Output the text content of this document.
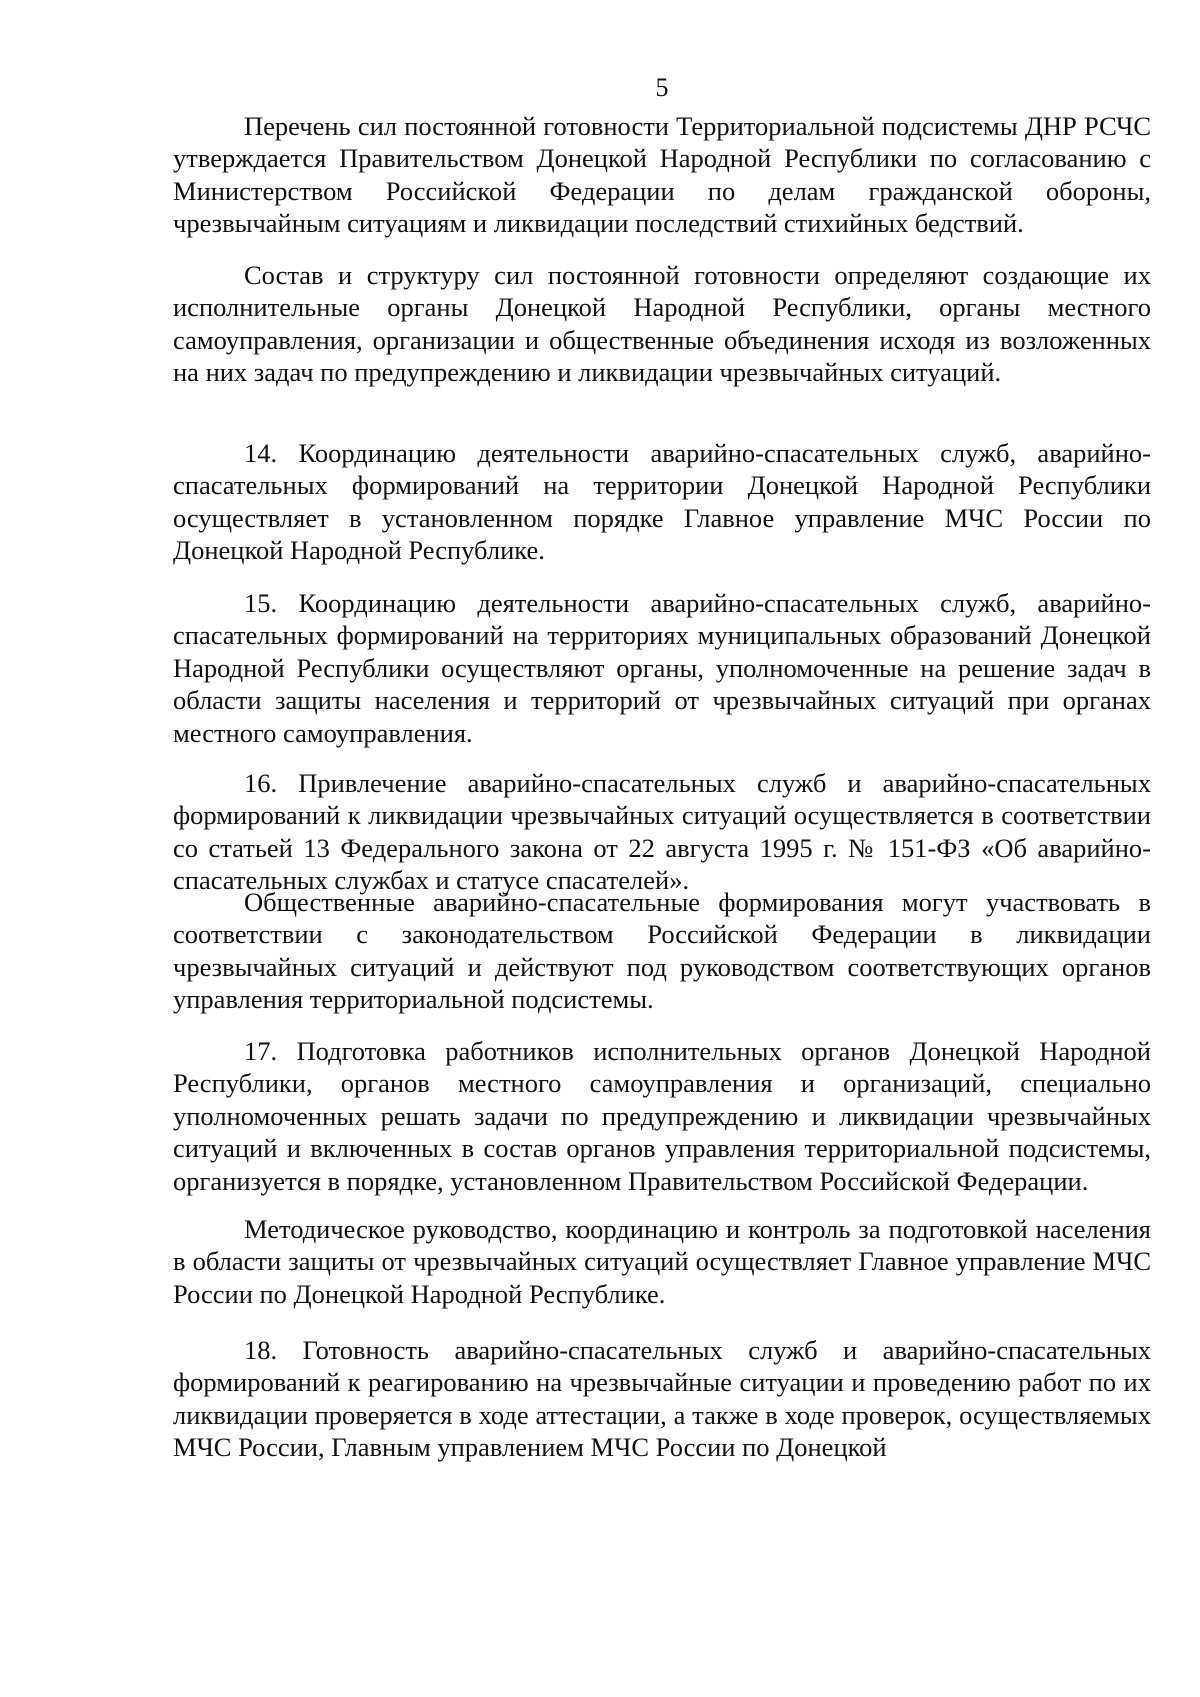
5

Перечень сил постоянной готовности Территориальной подсистемы ДНР РСЧС утверждается Правительством Донецкой Народной Республики по согласованию с Министерством Российской Федерации по делам гражданской обороны, чрезвычайным ситуациям и ликвидации последствий стихийных бедствий.

Состав и структуру сил постоянной готовности определяют создающие их исполнительные органы Донецкой Народной Республики, органы местного самоуправления, организации и общественные объединения исходя из возложенных на них задач по предупреждению и ликвидации чрезвычайных ситуаций.

14. Координацию деятельности аварийно-спасательных служб, аварийно-спасательных формирований на территории Донецкой Народной Республики осуществляет в установленном порядке Главное управление МЧС России по Донецкой Народной Республике.

15. Координацию деятельности аварийно-спасательных служб, аварийно-спасательных формирований на территориях муниципальных образований Донецкой Народной Республики осуществляют органы, уполномоченные на решение задач в области защиты населения и территорий от чрезвычайных ситуаций при органах местного самоуправления.

16. Привлечение аварийно-спасательных служб и аварийно-спасательных формирований к ликвидации чрезвычайных ситуаций осуществляется в соответствии со статьей 13 Федерального закона от 22 августа 1995 г. № 151-ФЗ «Об аварийно-спасательных службах и статусе спасателей».

Общественные аварийно-спасательные формирования могут участвовать в соответствии с законодательством Российской Федерации в ликвидации чрезвычайных ситуаций и действуют под руководством соответствующих органов управления территориальной подсистемы.

17. Подготовка работников исполнительных органов Донецкой Народной Республики, органов местного самоуправления и организаций, специально уполномоченных решать задачи по предупреждению и ликвидации чрезвычайных ситуаций и включенных в состав органов управления территориальной подсистемы, организуется в порядке, установленном Правительством Российской Федерации.

Методическое руководство, координацию и контроль за подготовкой населения в области защиты от чрезвычайных ситуаций осуществляет Главное управление МЧС России по Донецкой Народной Республике.

18. Готовность аварийно-спасательных служб и аварийно-спасательных формирований к реагированию на чрезвычайные ситуации и проведению работ по их ликвидации проверяется в ходе аттестации, а также в ходе проверок, осуществляемых МЧС России, Главным управлением МЧС России по Донецкой
